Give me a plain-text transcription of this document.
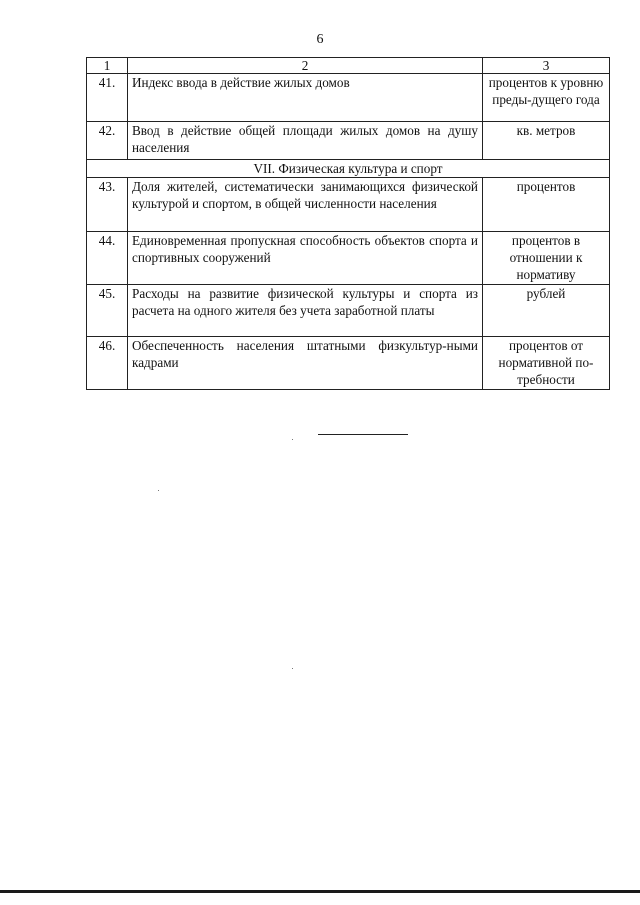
6
1	2	3
41.	Индекс ввода в действие жилых домов	процентов к уровню преды-дущего года
42.	Ввод в действие общей площади жилых домов на душу населения	кв. метров
VII. Физическая культура и спорт		
43.	Доля жителей, систематически занимающихся физической культурой и спортом, в общей численности населения	процентов
44.	Единовременная пропускная способность объектов спорта и спортивных сооружений	процентов в отношении к нормативу
45.	Расходы на развитие физической культуры и спорта из расчета на одного жителя без учета заработной платы	рублей
46.	Обеспеченность населения штатными физкультур-ными кадрами	процентов от нормативной по-требности
